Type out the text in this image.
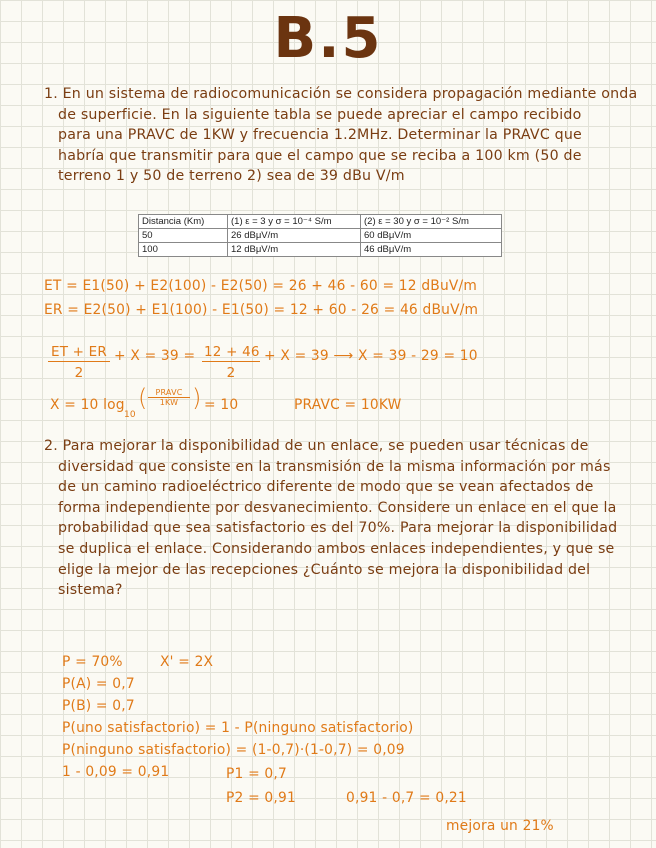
B.5
1. En un sistema de radiocomunicación se considera propagación mediante onda
de superficie. En la siguiente tabla se puede apreciar el campo recibido
para una PRAVC de 1KW y frecuencia 1.2MHz. Determinar la PRAVC que
habría que transmitir para que el campo que se reciba a 100 km (50 de
terreno 1 y 50 de terreno 2) sea de 39 dBu V/m
Distancia (Km)	(1) ε = 3 y σ = 10⁻⁴ S/m	(2) ε = 30 y σ = 10⁻² S/m
50	26 dBμV/m	60 dBμV/m
100	12 dBμV/m	46 dBμV/m
ET = E1(50) + E2(100) - E2(50) = 26 + 46 - 60 = 12 dBuV/m
ER = E2(50) + E1(100) - E1(50) = 12 + 60 - 26 = 46 dBuV/m
$\frac{ET + ER}{2} + X = 39 = \frac{12 + 46}{2} + X = 39$ ⟶ X = 39 - 29 = 10
X = 10 log
10
(	PRAVC
1KW ) = 10	PRAVC = 10KW
2. Para mejorar la disponibilidad de un enlace, se pueden usar técnicas de
diversidad que consiste en la transmisión de la misma información por más
de un camino radioeléctrico diferente de modo que se vean afectados de
forma independiente por desvanecimiento. Considere un enlace en el que la
probabilidad que sea satisfactorio es del 70%. Para mejorar la disponibilidad
se duplica el enlace. Considerando ambos enlaces independientes, y que se
elige la mejor de las recepciones ¿Cuánto se mejora la disponibilidad del
sistema?
P = 70%	X' = 2X
P(A) = 0,7
P(B) = 0,7
P(uno satisfactorio) = 1 - P(ninguno satisfactorio)
P(ninguno satisfactorio) = (1-0,7)·(1-0,7) = 0,09
1 - 0,09 = 0,91	P1 = 0,7
P2 = 0,91	0,91 - 0,7 = 0,21
mejora un 21%
